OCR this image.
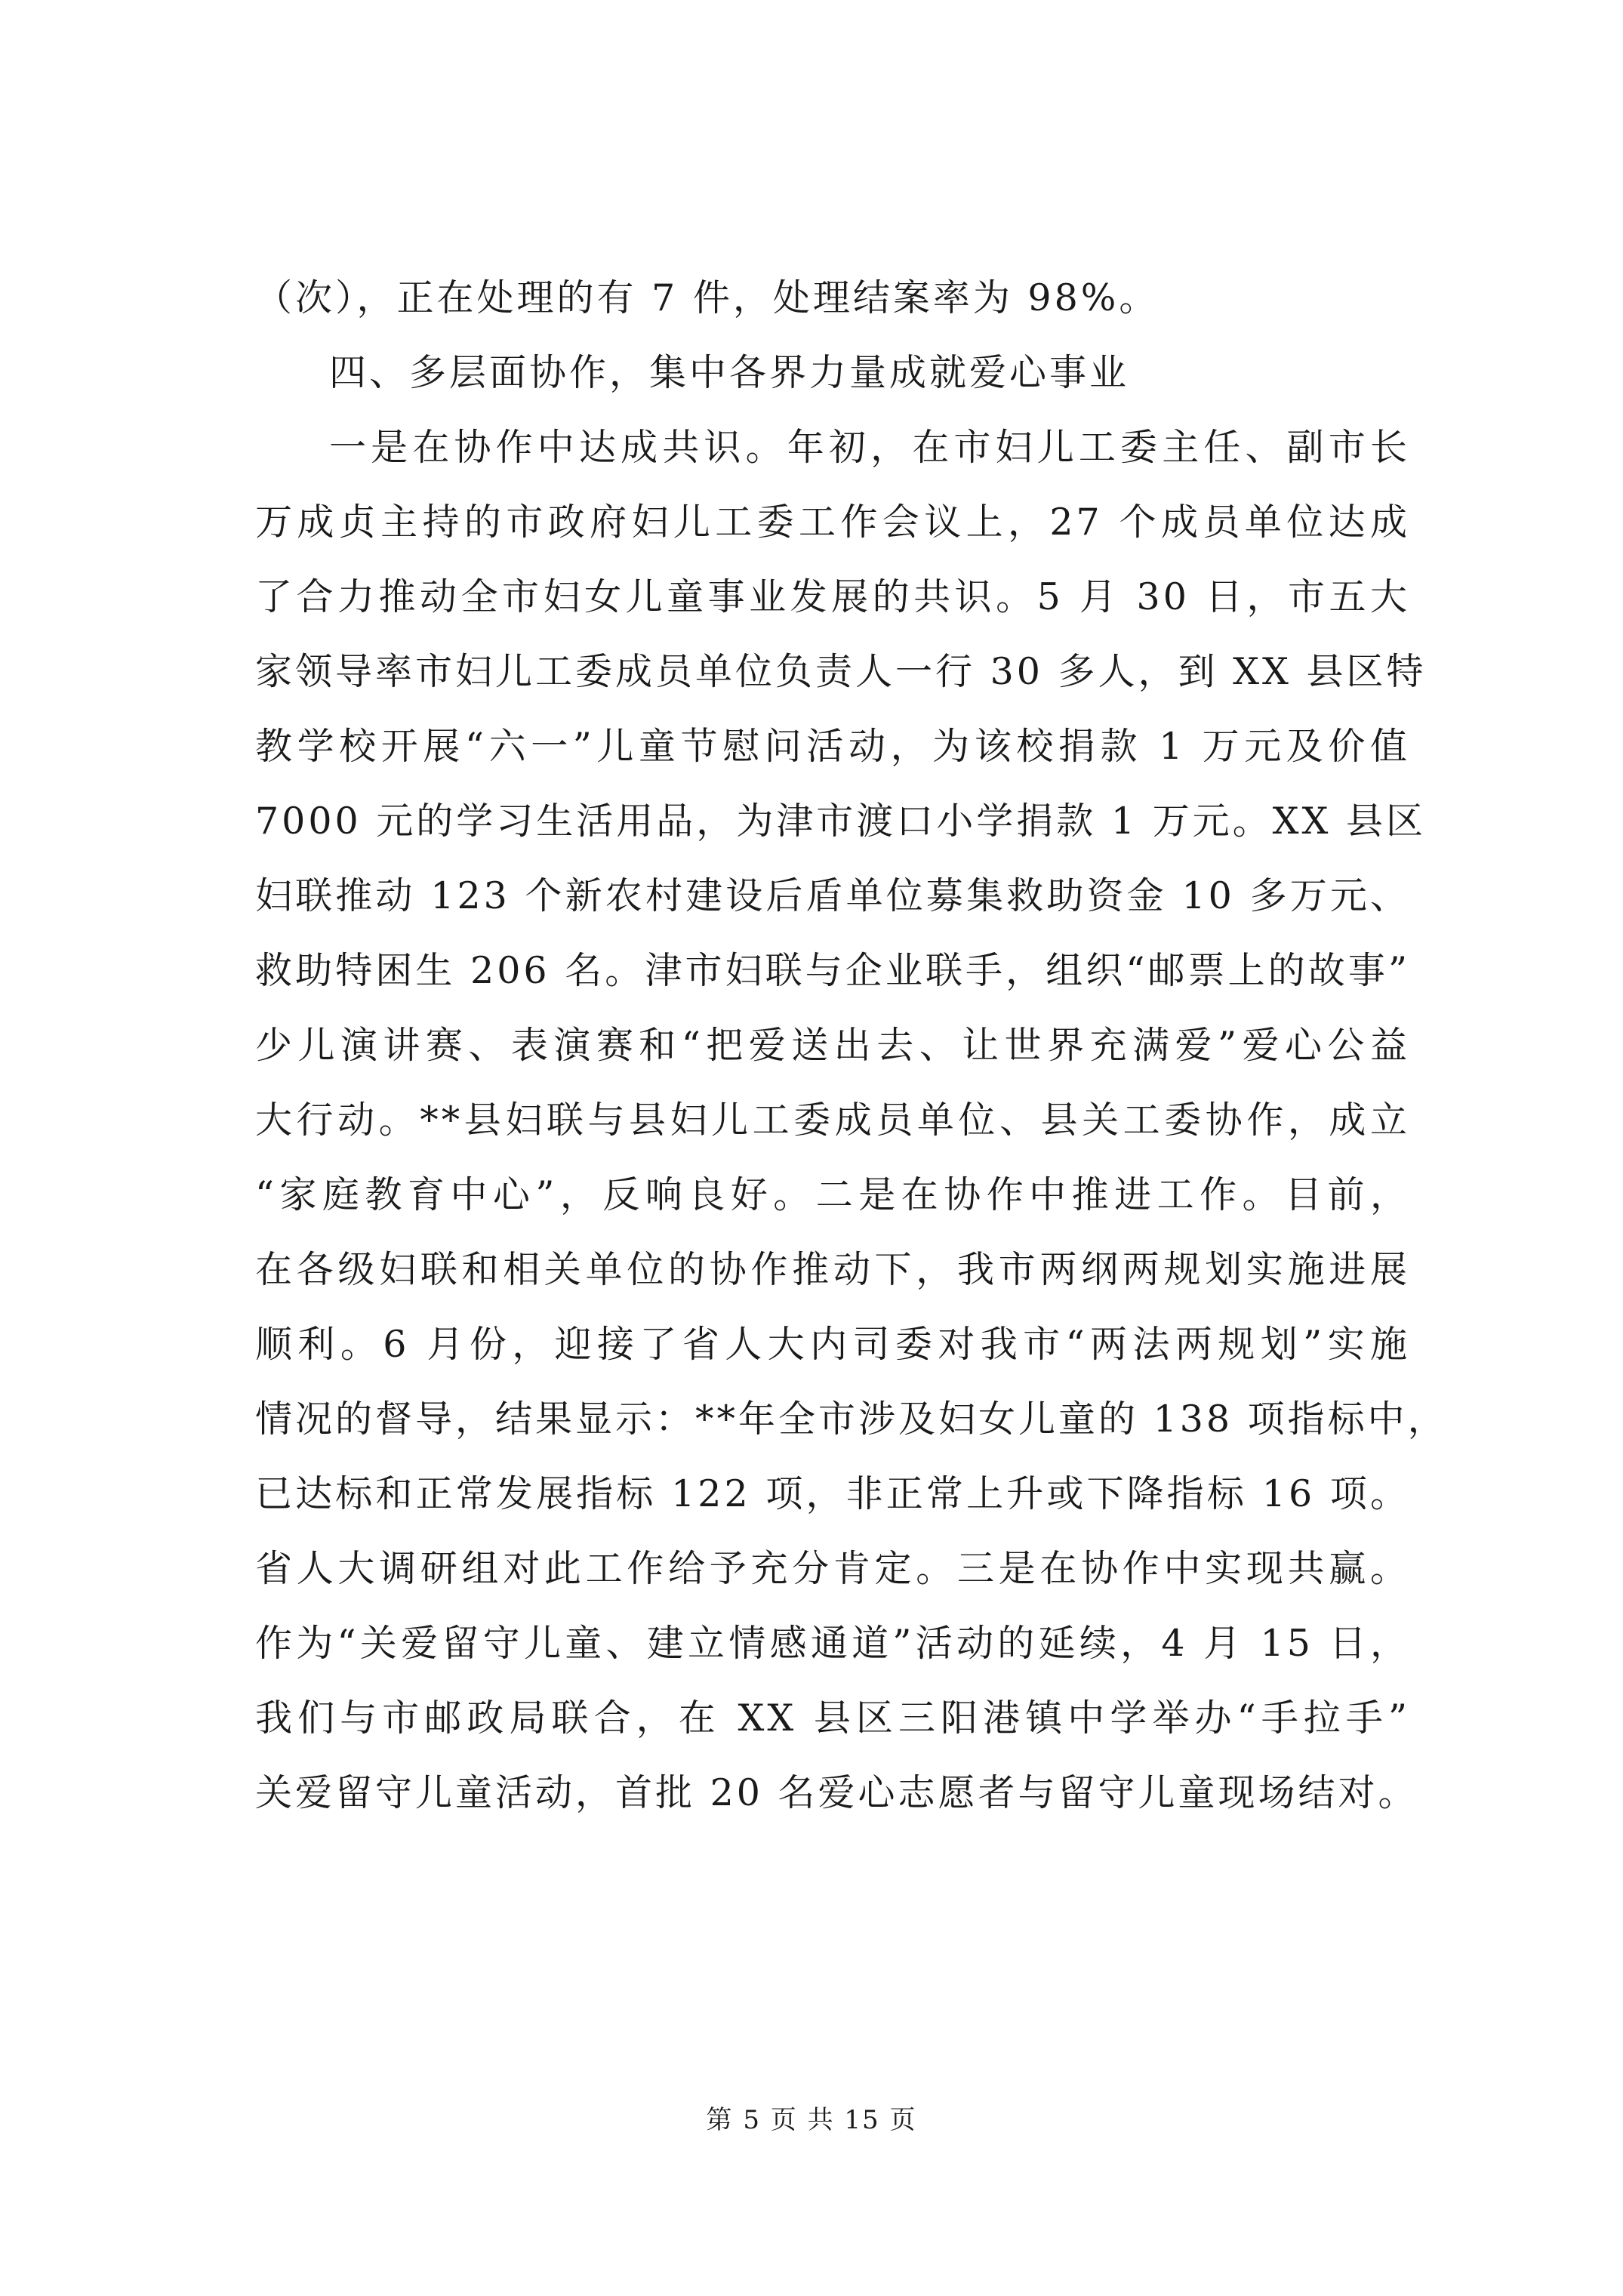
（次），正在处理的有 7 件，处理结案率为 98%。
四、多层面协作，集中各界力量成就爱心事业
一是在协作中达成共识。年初，在市妇儿工委主任、副市长
万成贞主持的市政府妇儿工委工作会议上，27 个成员单位达成
了合力推动全市妇女儿童事业发展的共识。5 月 30 日，市五大
家领导率市妇儿工委成员单位负责人一行 30 多人，到 XX 县区特
教学校开展“六一”儿童节慰问活动，为该校捐款 1 万元及价值
7000 元的学习生活用品，为津市渡口小学捐款 1 万元。XX 县区
妇联推动 123 个新农村建设后盾单位募集救助资金 10 多万元、
救助特困生 206 名。津市妇联与企业联手，组织“邮票上的故事”
少儿演讲赛、表演赛和“把爱送出去、让世界充满爱”爱心公益
大行动。**县妇联与县妇儿工委成员单位、县关工委协作，成立
“家庭教育中心”，反响良好。二是在协作中推进工作。目前，
在各级妇联和相关单位的协作推动下，我市两纲两规划实施进展
顺利。6 月份，迎接了省人大内司委对我市“两法两规划”实施
情况的督导，结果显示：**年全市涉及妇女儿童的 138 项指标中，
已达标和正常发展指标 122 项，非正常上升或下降指标 16 项。
省人大调研组对此工作给予充分肯定。三是在协作中实现共赢。
作为“关爱留守儿童、建立情感通道”活动的延续，4 月 15 日，
我们与市邮政局联合，在 XX 县区三阳港镇中学举办“手拉手”
关爱留守儿童活动，首批 20 名爱心志愿者与留守儿童现场结对。
第 5 页 共 15 页
